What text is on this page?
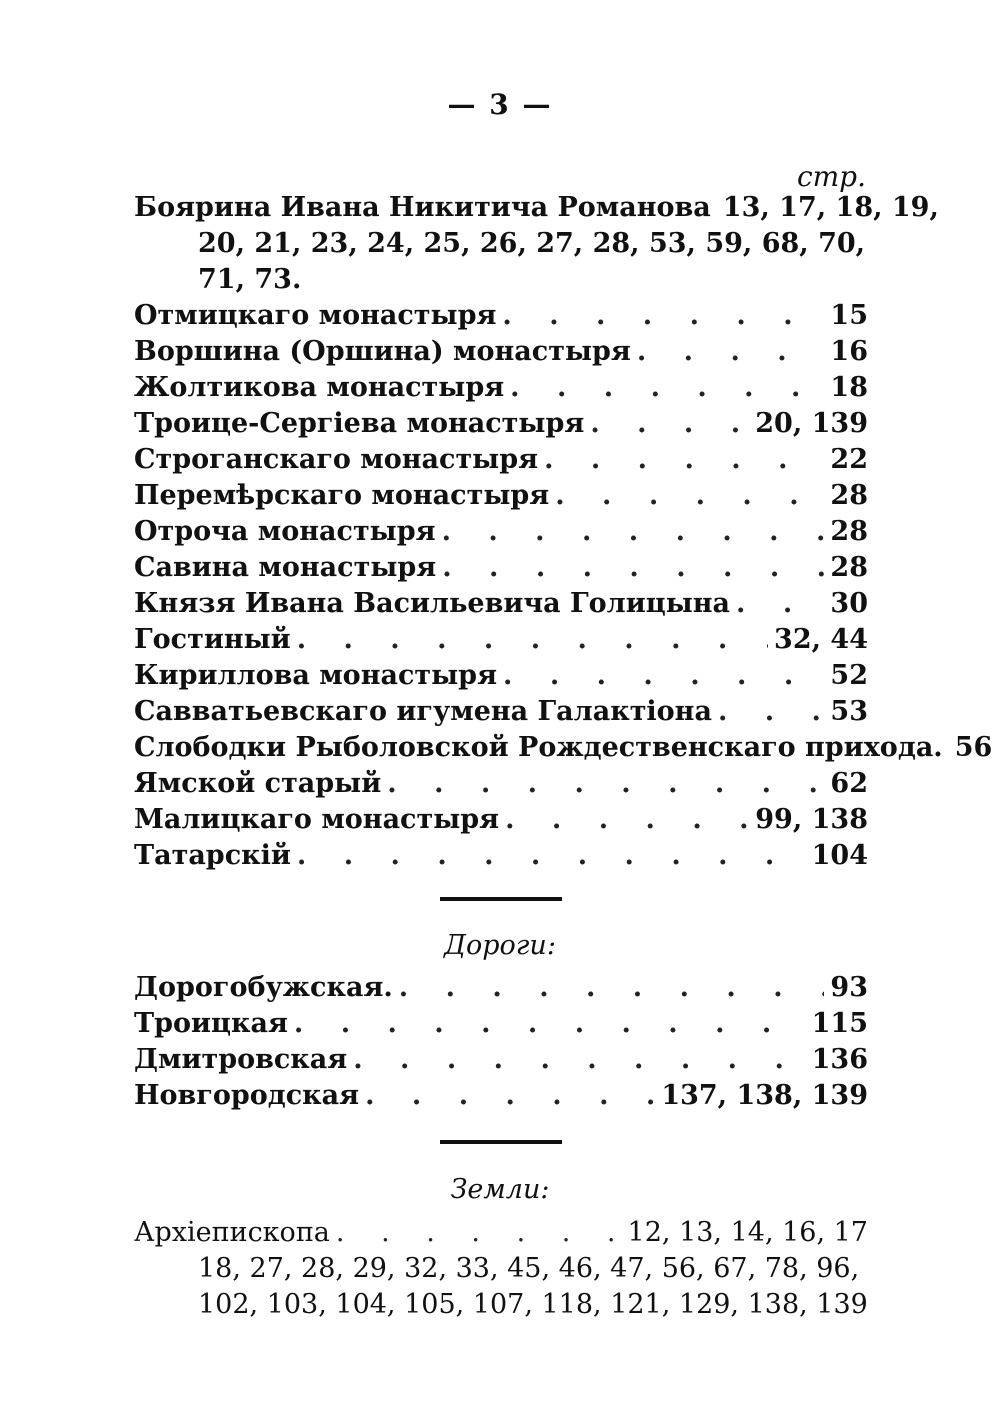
— 3 —
стр.
Боярина Ивана Никитича Романова 13, 17, 18, 19,
20, 21, 23, 24, 25, 26, 27, 28, 53, 59, 68, 70,
71, 73.
Отмицкаго монастыря . . .	15
Воршина (Оршина) монастыря . . .	16
Жолтикова монастыря . . .	18
Троице-Сергіева монастыря . . .	20, 139
Строганскаго монастыря . . .	22
Перемѣрскаго монастыря . . .	28
Отроча монастыря . . .	28
Савина монастыря . . .	28
Князя Ивана Васильевича Голицына . . .	30
Гостиный . . .	32, 44
Кириллова монастыря . . .	52
Савватьевскаго игумена Галактіона . . .	53
Слободки Рыболовской Рождественскаго прихода. 56
Ямской старый . . .	62
Малицкаго монастыря . . .	99, 138
Татарскій . . .	104
Дороги:
Дорогобужская. . . .	93
Троицкая . . .	115
Дмитровская . . .	136
Новгородская . . .	137, 138, 139
Земли:
Архіепископа . . .	12, 13, 14, 16, 17
18, 27, 28, 29, 32, 33, 45, 46, 47, 56, 67, 78, 96,
102, 103, 104, 105, 107, 118, 121, 129, 138, 139
